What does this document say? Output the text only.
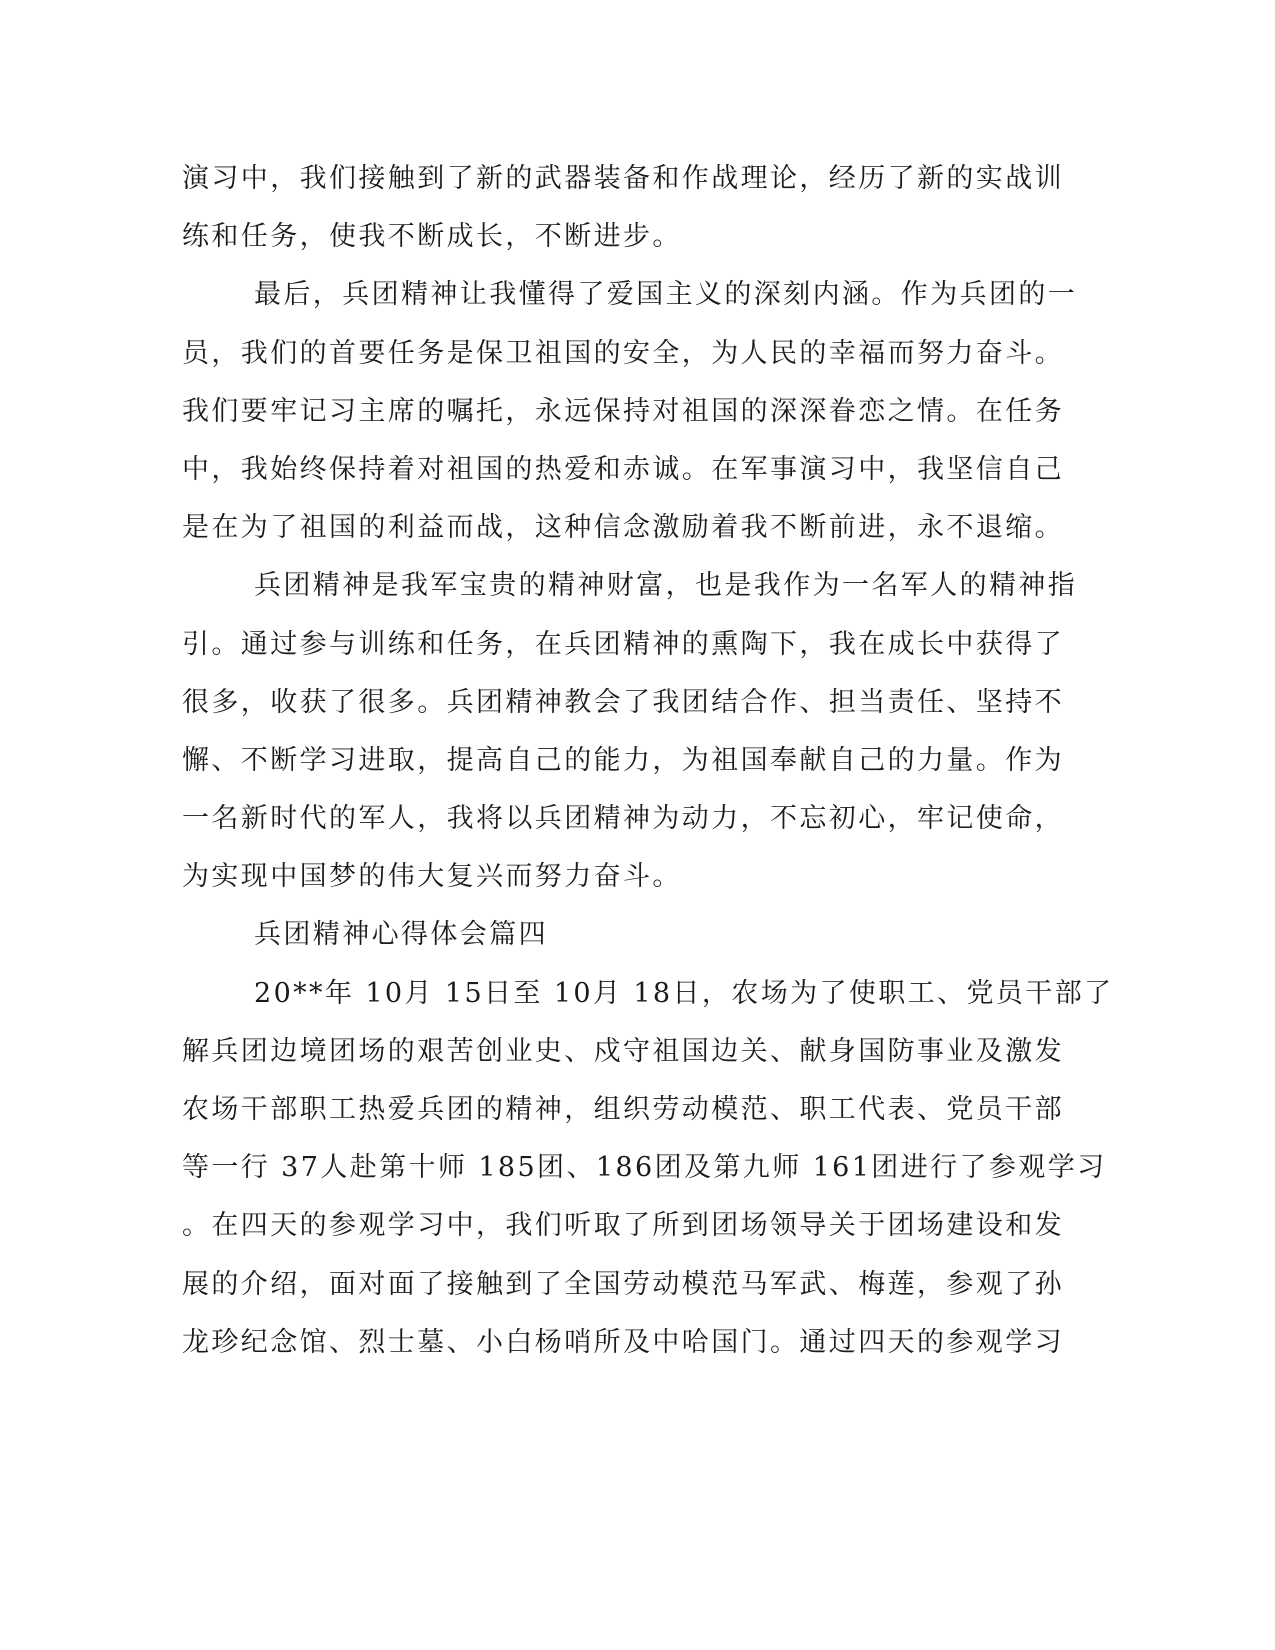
演习中，我们接触到了新的武器装备和作战理论，经历了新的实战训
练和任务，使我不断成长，不断进步。
最后，兵团精神让我懂得了爱国主义的深刻内涵。作为兵团的一
员，我们的首要任务是保卫祖国的安全，为人民的幸福而努力奋斗。
我们要牢记习主席的嘱托，永远保持对祖国的深深眷恋之情。在任务
中，我始终保持着对祖国的热爱和赤诚。在军事演习中，我坚信自己
是在为了祖国的利益而战，这种信念激励着我不断前进，永不退缩。
兵团精神是我军宝贵的精神财富，也是我作为一名军人的精神指
引。通过参与训练和任务，在兵团精神的熏陶下，我在成长中获得了
很多，收获了很多。兵团精神教会了我团结合作、担当责任、坚持不
懈、不断学习进取，提高自己的能力，为祖国奉献自己的力量。作为
一名新时代的军人，我将以兵团精神为动力，不忘初心，牢记使命，
为实现中国梦的伟大复兴而努力奋斗。
兵团精神心得体会篇四
20**年 10月 15日至 10月 18日，农场为了使职工、党员干部了
解兵团边境团场的艰苦创业史、戍守祖国边关、献身国防事业及激发
农场干部职工热爱兵团的精神，组织劳动模范、职工代表、党员干部
等一行 37人赴第十师 185团、186团及第九师 161团进行了参观学习
。在四天的参观学习中，我们听取了所到团场领导关于团场建设和发
展的介绍，面对面了接触到了全国劳动模范马军武、梅莲，参观了孙
龙珍纪念馆、烈士墓、小白杨哨所及中哈国门。通过四天的参观学习
